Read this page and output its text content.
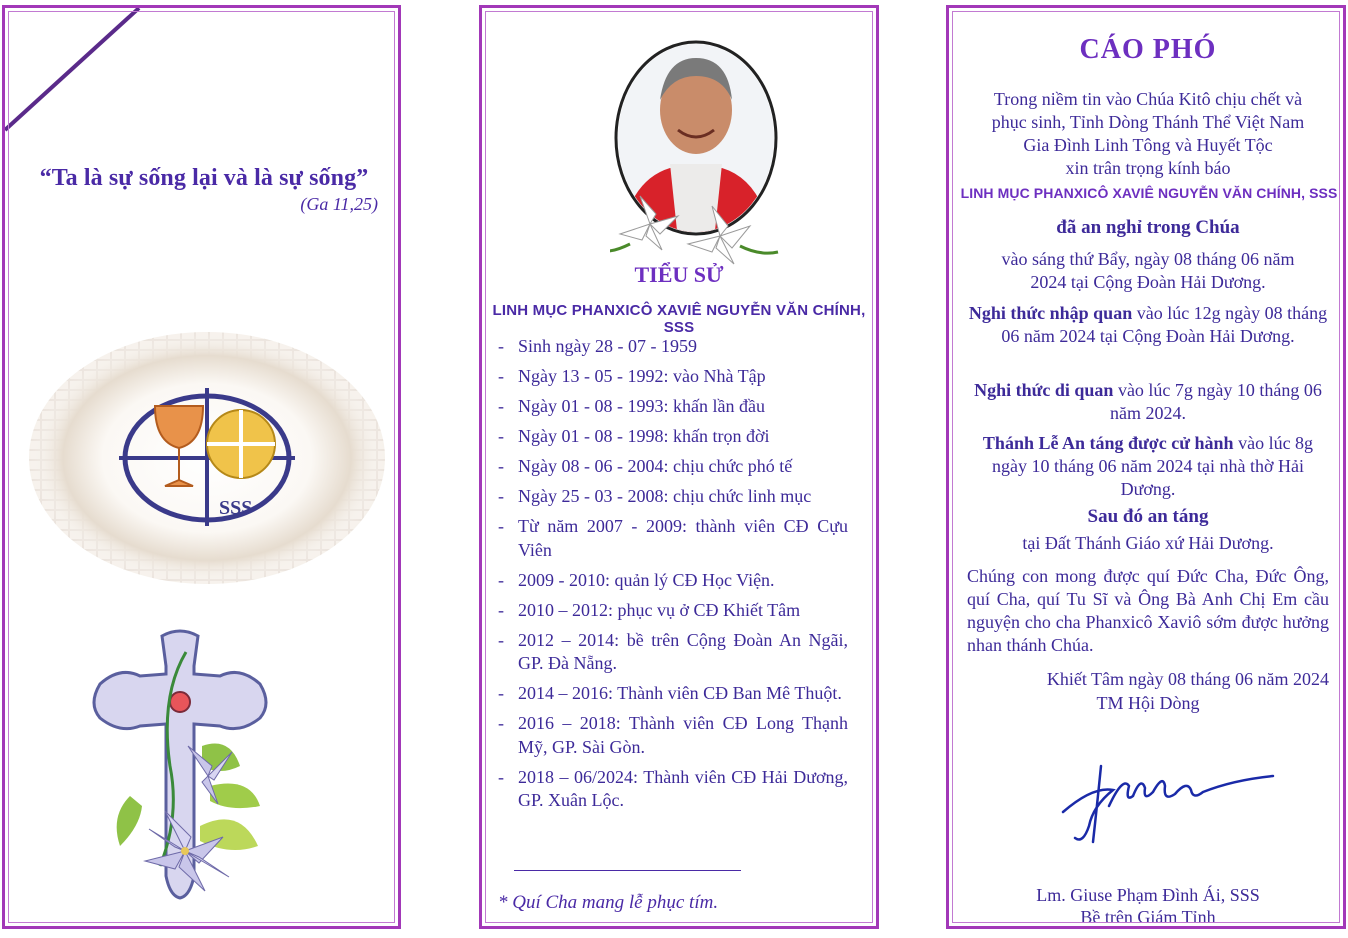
“Ta là sự sống lại và là sự sống”
(Ga 11,25)
SSS
TIỂU SỬ
LINH MỤC PHANXICÔ XAVIÊ NGUYỄN VĂN CHÍNH, SSS
- Sinh ngày 28 - 07 - 1959
- Ngày 13 - 05 - 1992: vào Nhà Tập
- Ngày 01 - 08 - 1993: khấn lần đầu
- Ngày 01 - 08 - 1998: khấn trọn đời
- Ngày 08 - 06 - 2004: chịu chức phó tế
- Ngày 25 - 03 - 2008: chịu chức linh mục
- Từ năm 2007 - 2009: thành viên CĐ Cựu Viên
- 2009 - 2010: quản lý CĐ Học Viện.
- 2010 – 2012: phục vụ ở CĐ Khiết Tâm
- 2012 – 2014: bề trên Cộng Đoàn An Ngãi, GP. Đà Nẵng.
- 2014 – 2016: Thành viên CĐ Ban Mê Thuột.
- 2016 – 2018: Thành viên CĐ Long Thạnh Mỹ, GP. Sài Gòn.
- 2018 – 06/2024: Thành viên CĐ Hải Dương, GP. Xuân Lộc.
* Quí Cha mang lễ phục tím.
CÁO PHÓ
Trong niềm tin vào Chúa Kitô chịu chết và
phục sinh, Tỉnh Dòng Thánh Thể Việt Nam
Gia Đình Linh Tông và Huyết Tộc
xin trân trọng kính báo
LINH MỤC PHANXICÔ XAVIÊ NGUYỄN VĂN CHÍNH, SSS
đã an nghỉ trong Chúa
vào sáng thứ Bẩy, ngày 08 tháng 06 năm
2024 tại Cộng Đoàn Hải Dương.
Nghi thức nhập quan vào lúc 12g ngày 08 tháng 06 năm 2024 tại Cộng Đoàn Hải Dương.
Nghi thức di quan vào lúc 7g ngày 10 tháng 06 năm 2024.
Thánh Lễ An táng được cử hành vào lúc 8g ngày 10 tháng 06 năm 2024 tại nhà thờ Hải Dương.
Sau đó an táng
tại Đất Thánh Giáo xứ Hải Dương.
Chúng con mong được quí Đức Cha, Đức Ông, quí Cha, quí Tu Sĩ và Ông Bà Anh Chị Em cầu nguyện cho cha Phanxicô Xaviô sớm được hưởng nhan thánh Chúa.
Khiết Tâm ngày 08 tháng 06 năm 2024
TM Hội Dòng
Lm. Giuse Phạm Đình Ái, SSS
Bề trên Giám Tỉnh
